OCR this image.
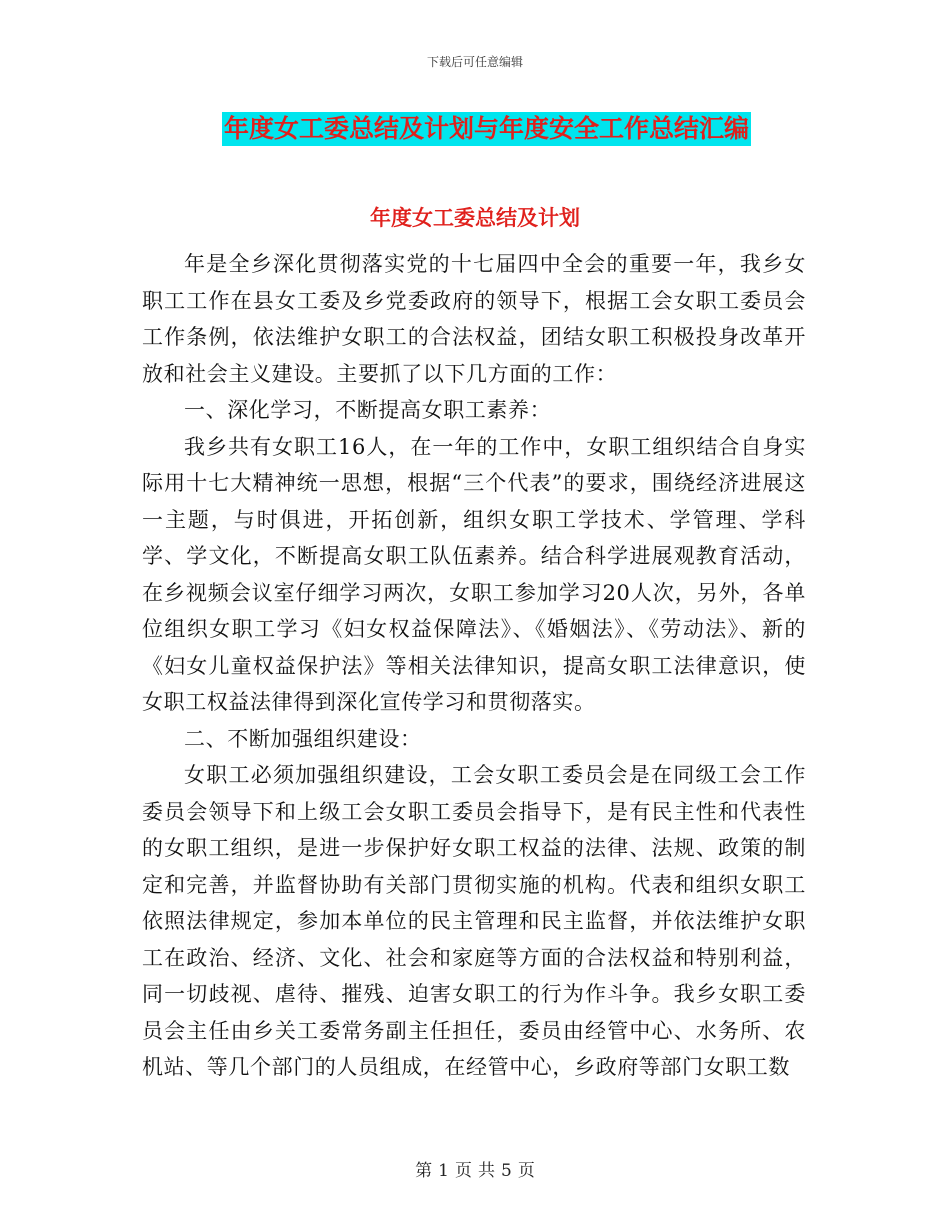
下载后可任意编辑
年度女工委总结及计划与年度安全工作总结汇编
年度女工委总结及计划

年是全乡深化贯彻落实党的十七届四中全会的重要一年，我乡女职工工作在县女工委及乡党委政府的领导下，根据工会女职工委员会工作条例，依法维护女职工的合法权益，团结女职工积极投身改革开放和社会主义建设。主要抓了以下几方面的工作：

一、深化学习，不断提高女职工素养：

我乡共有女职工16人，在一年的工作中，女职工组织结合自身实际用十七大精神统一思想，根据“三个代表”的要求，围绕经济进展这一主题，与时俱进，开拓创新，组织女职工学技术、学管理、学科学、学文化，不断提高女职工队伍素养。结合科学进展观教育活动，在乡视频会议室仔细学习两次，女职工参加学习20人次，另外，各单位组织女职工学习《妇女权益保障法》、《婚姻法》、《劳动法》、新的《妇女儿童权益保护法》等相关法律知识，提高女职工法律意识，使女职工权益法律得到深化宣传学习和贯彻落实。

二、不断加强组织建设：

女职工必须加强组织建设，工会女职工委员会是在同级工会工作委员会领导下和上级工会女职工委员会指导下，是有民主性和代表性的女职工组织，是进一步保护好女职工权益的法律、法规、政策的制定和完善，并监督协助有关部门贯彻实施的机构。代表和组织女职工依照法律规定，参加本单位的民主管理和民主监督，并依法维护女职工在政治、经济、文化、社会和家庭等方面的合法权益和特别利益，同一切歧视、虐待、摧残、迫害女职工的行为作斗争。我乡女职工委员会主任由乡关工委常务副主任担任，委员由经管中心、水务所、农机站、等几个部门的人员组成，在经管中心，乡政府等部门女职工数

第 1 页 共 5 页
